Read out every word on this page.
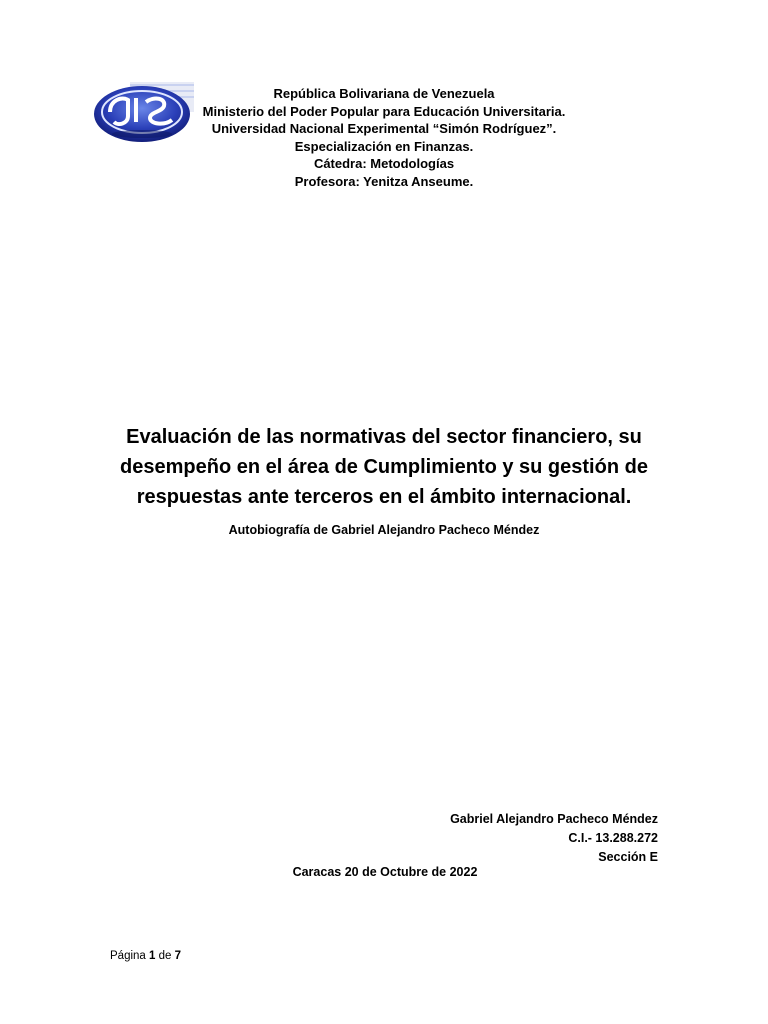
República Bolivariana de Venezuela
Ministerio del Poder Popular para Educación Universitaria.
Universidad Nacional Experimental “Simón Rodríguez”.
Especialización en Finanzas.
Cátedra: Metodologías
Profesora: Yenitza Anseume.
Evaluación de las normativas del sector financiero, su
desempeño en el área de Cumplimiento y su gestión de
respuestas ante terceros en el ámbito internacional.
Autobiografía de Gabriel Alejandro Pacheco Méndez
Gabriel Alejandro Pacheco Méndez
C.I.- 13.288.272
Sección E
Caracas 20 de Octubre de 2022
Página 1 de 7
